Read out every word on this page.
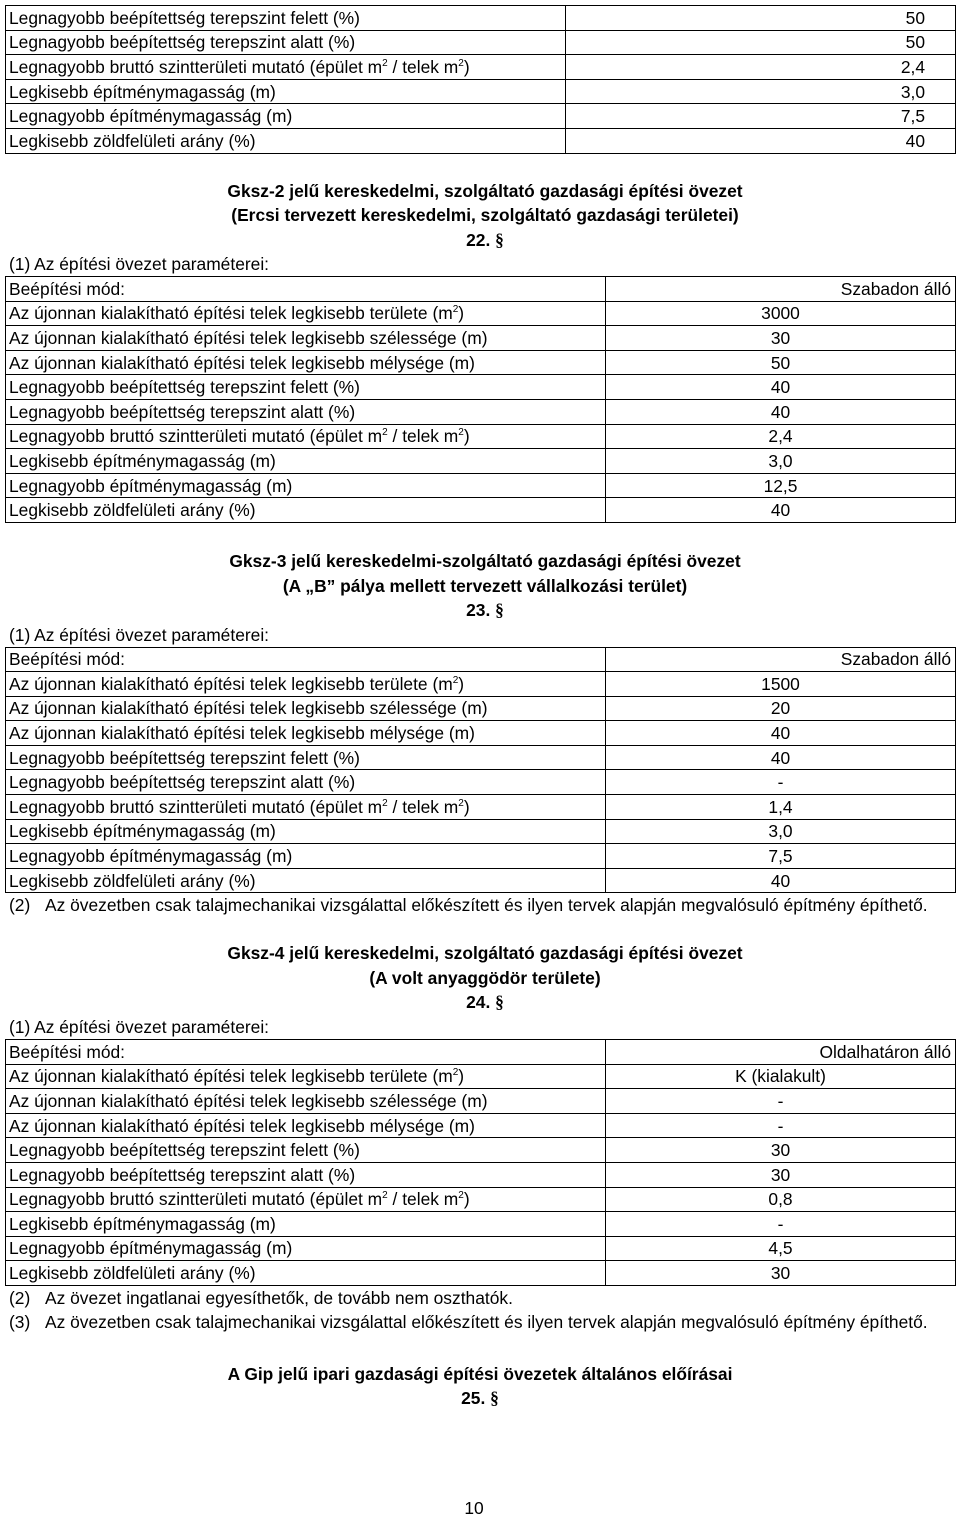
Legnagyobb beépítettség terepszint felett (%)	50
Legnagyobb beépítettség terepszint alatt (%)	50
Legnagyobb bruttó szintterületi mutató (épület $m^2$ / telek $m^2$)	2,4
Legkisebb építménymagasság (m)	3,0
Legnagyobb építménymagasság (m)	7,5
Legkisebb zöldfelületi arány (%)	40
Gksz-2 jelű kereskedelmi, szolgáltató gazdasági építési övezet
(Ercsi tervezett kereskedelmi, szolgáltató gazdasági területei)
22. §
(1) Az építési övezet paraméterei:
Beépítési mód:	Szabadon álló
Az újonnan kialakítható építési telek legkisebb területe $(m^2)$	3000
Az újonnan kialakítható építési telek legkisebb szélessége (m)	30
Az újonnan kialakítható építési telek legkisebb mélysége (m)	50
Legnagyobb beépítettség terepszint felett (%)	40
Legnagyobb beépítettség terepszint alatt (%)	40
Legnagyobb bruttó szintterületi mutató (épület $m^2$ / telek $m^2$)	2,4
Legkisebb építménymagasság (m)	3,0
Legnagyobb építménymagasság (m)	12,5
Legkisebb zöldfelületi arány (%)	40
Gksz-3 jelű kereskedelmi-szolgáltató gazdasági építési övezet
(A „B” pálya mellett tervezett vállalkozási terület)
23. §
(1) Az építési övezet paraméterei:
Beépítési mód:	Szabadon álló
Az újonnan kialakítható építési telek legkisebb területe $(m^2)$	1500
Az újonnan kialakítható építési telek legkisebb szélessége (m)	20
Az újonnan kialakítható építési telek legkisebb mélysége (m)	40
Legnagyobb beépítettség terepszint felett (%)	40
Legnagyobb beépítettség terepszint alatt (%)	-
Legnagyobb bruttó szintterületi mutató (épület $m^2$ / telek $m^2$)	1,4
Legkisebb építménymagasság (m)	3,0
Legnagyobb építménymagasság (m)	7,5
Legkisebb zöldfelületi arány (%)	40
(2) Az övezetben csak talajmechanikai vizsgálattal előkészített és ilyen tervek alapján megvalósuló építmény építhető.
Gksz-4 jelű kereskedelmi, szolgáltató gazdasági építési övezet
(A volt anyaggödör területe)
24. §
(1) Az építési övezet paraméterei:
Beépítési mód:	Oldalhatáron álló
Az újonnan kialakítható építési telek legkisebb területe $(m^2)$	K (kialakult)
Az újonnan kialakítható építési telek legkisebb szélessége (m)	-
Az újonnan kialakítható építési telek legkisebb mélysége (m)	-
Legnagyobb beépítettség terepszint felett (%)	30
Legnagyobb beépítettség terepszint alatt (%)	30
Legnagyobb bruttó szintterületi mutató (épület $m^2$ / telek $m^2$)	0,8
Legkisebb építménymagasság (m)	-
Legnagyobb építménymagasság (m)	4,5
Legkisebb zöldfelületi arány (%)	30
(2) Az övezet ingatlanai egyesíthetők, de tovább nem oszthatók.
(3) Az övezetben csak talajmechanikai vizsgálattal előkészített és ilyen tervek alapján megvalósuló építmény építhető.
A Gip jelű ipari gazdasági építési övezetek általános előírásai
25. §
10
